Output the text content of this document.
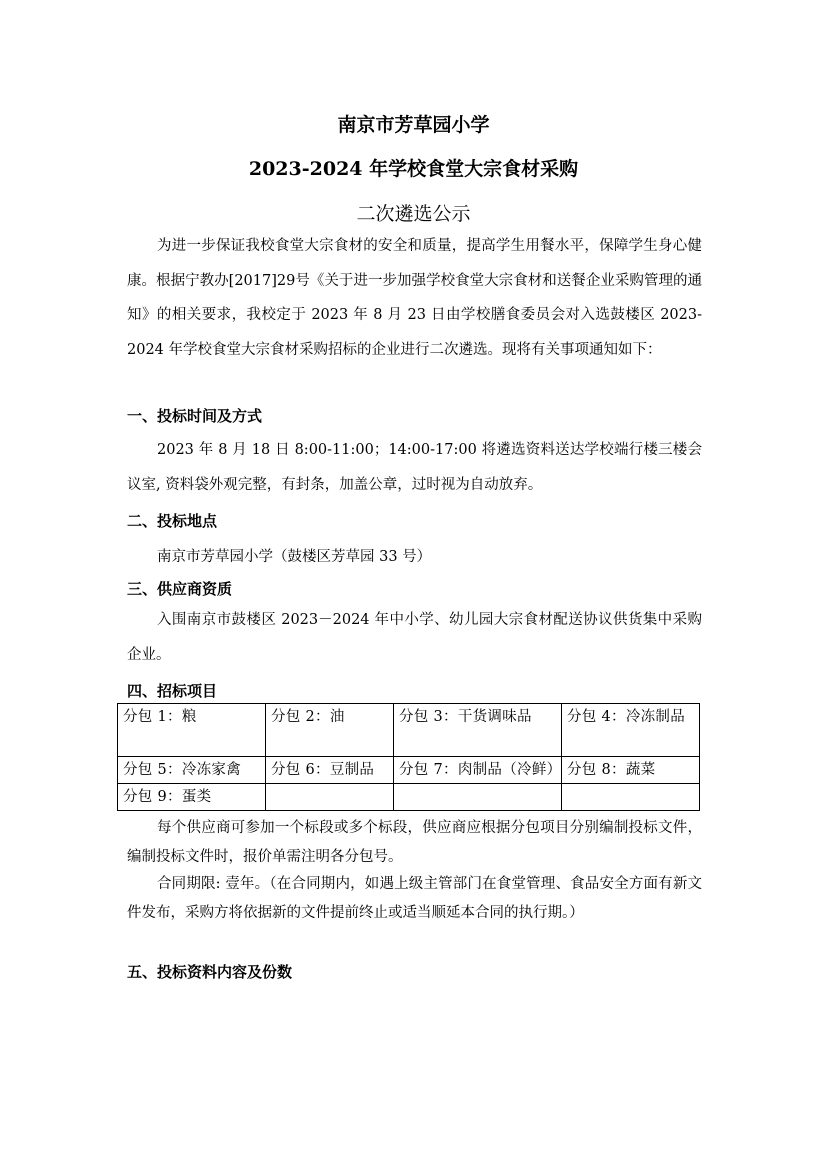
南京市芳草园小学
2023-2024 年学校食堂大宗食材采购
二次遴选公示
为进一步保证我校食堂大宗食材的安全和质量，提高学生用餐水平，保障学生身心健康。根据宁教办[2017]29号《关于进一步加强学校食堂大宗食材和送餐企业采购管理的通知》的相关要求，我校定于 2023 年 8 月 23 日由学校膳食委员会对入选鼓楼区 2023-2024 年学校食堂大宗食材采购招标的企业进行二次遴选。现将有关事项通知如下：
一、投标时间及方式
2023 年 8 月 18 日 8:00-11:00；14:00-17:00 将遴选资料送达学校端行楼三楼会议室, 资料袋外观完整，有封条，加盖公章，过时视为自动放弃。
二、投标地点
南京市芳草园小学（鼓楼区芳草园 33 号）
三、供应商资质
入围南京市鼓楼区 2023－2024 年中小学、幼儿园大宗食材配送协议供货集中采购企业。
四、招标项目
分包 1：粮	分包 2：油	分包 3：干货调味品	分包 4：冷冻制品
分包 5：冷冻家禽	分包 6：豆制品	分包 7：肉制品（冷鲜）	分包 8：蔬菜
分包 9：蛋类			
每个供应商可参加一个标段或多个标段，供应商应根据分包项目分别编制投标文件，编制投标文件时，报价单需注明各分包号。
合同期限: 壹年。（在合同期内，如遇上级主管部门在食堂管理、食品安全方面有新文件发布，采购方将依据新的文件提前终止或适当顺延本合同的执行期。）
五、投标资料内容及份数
